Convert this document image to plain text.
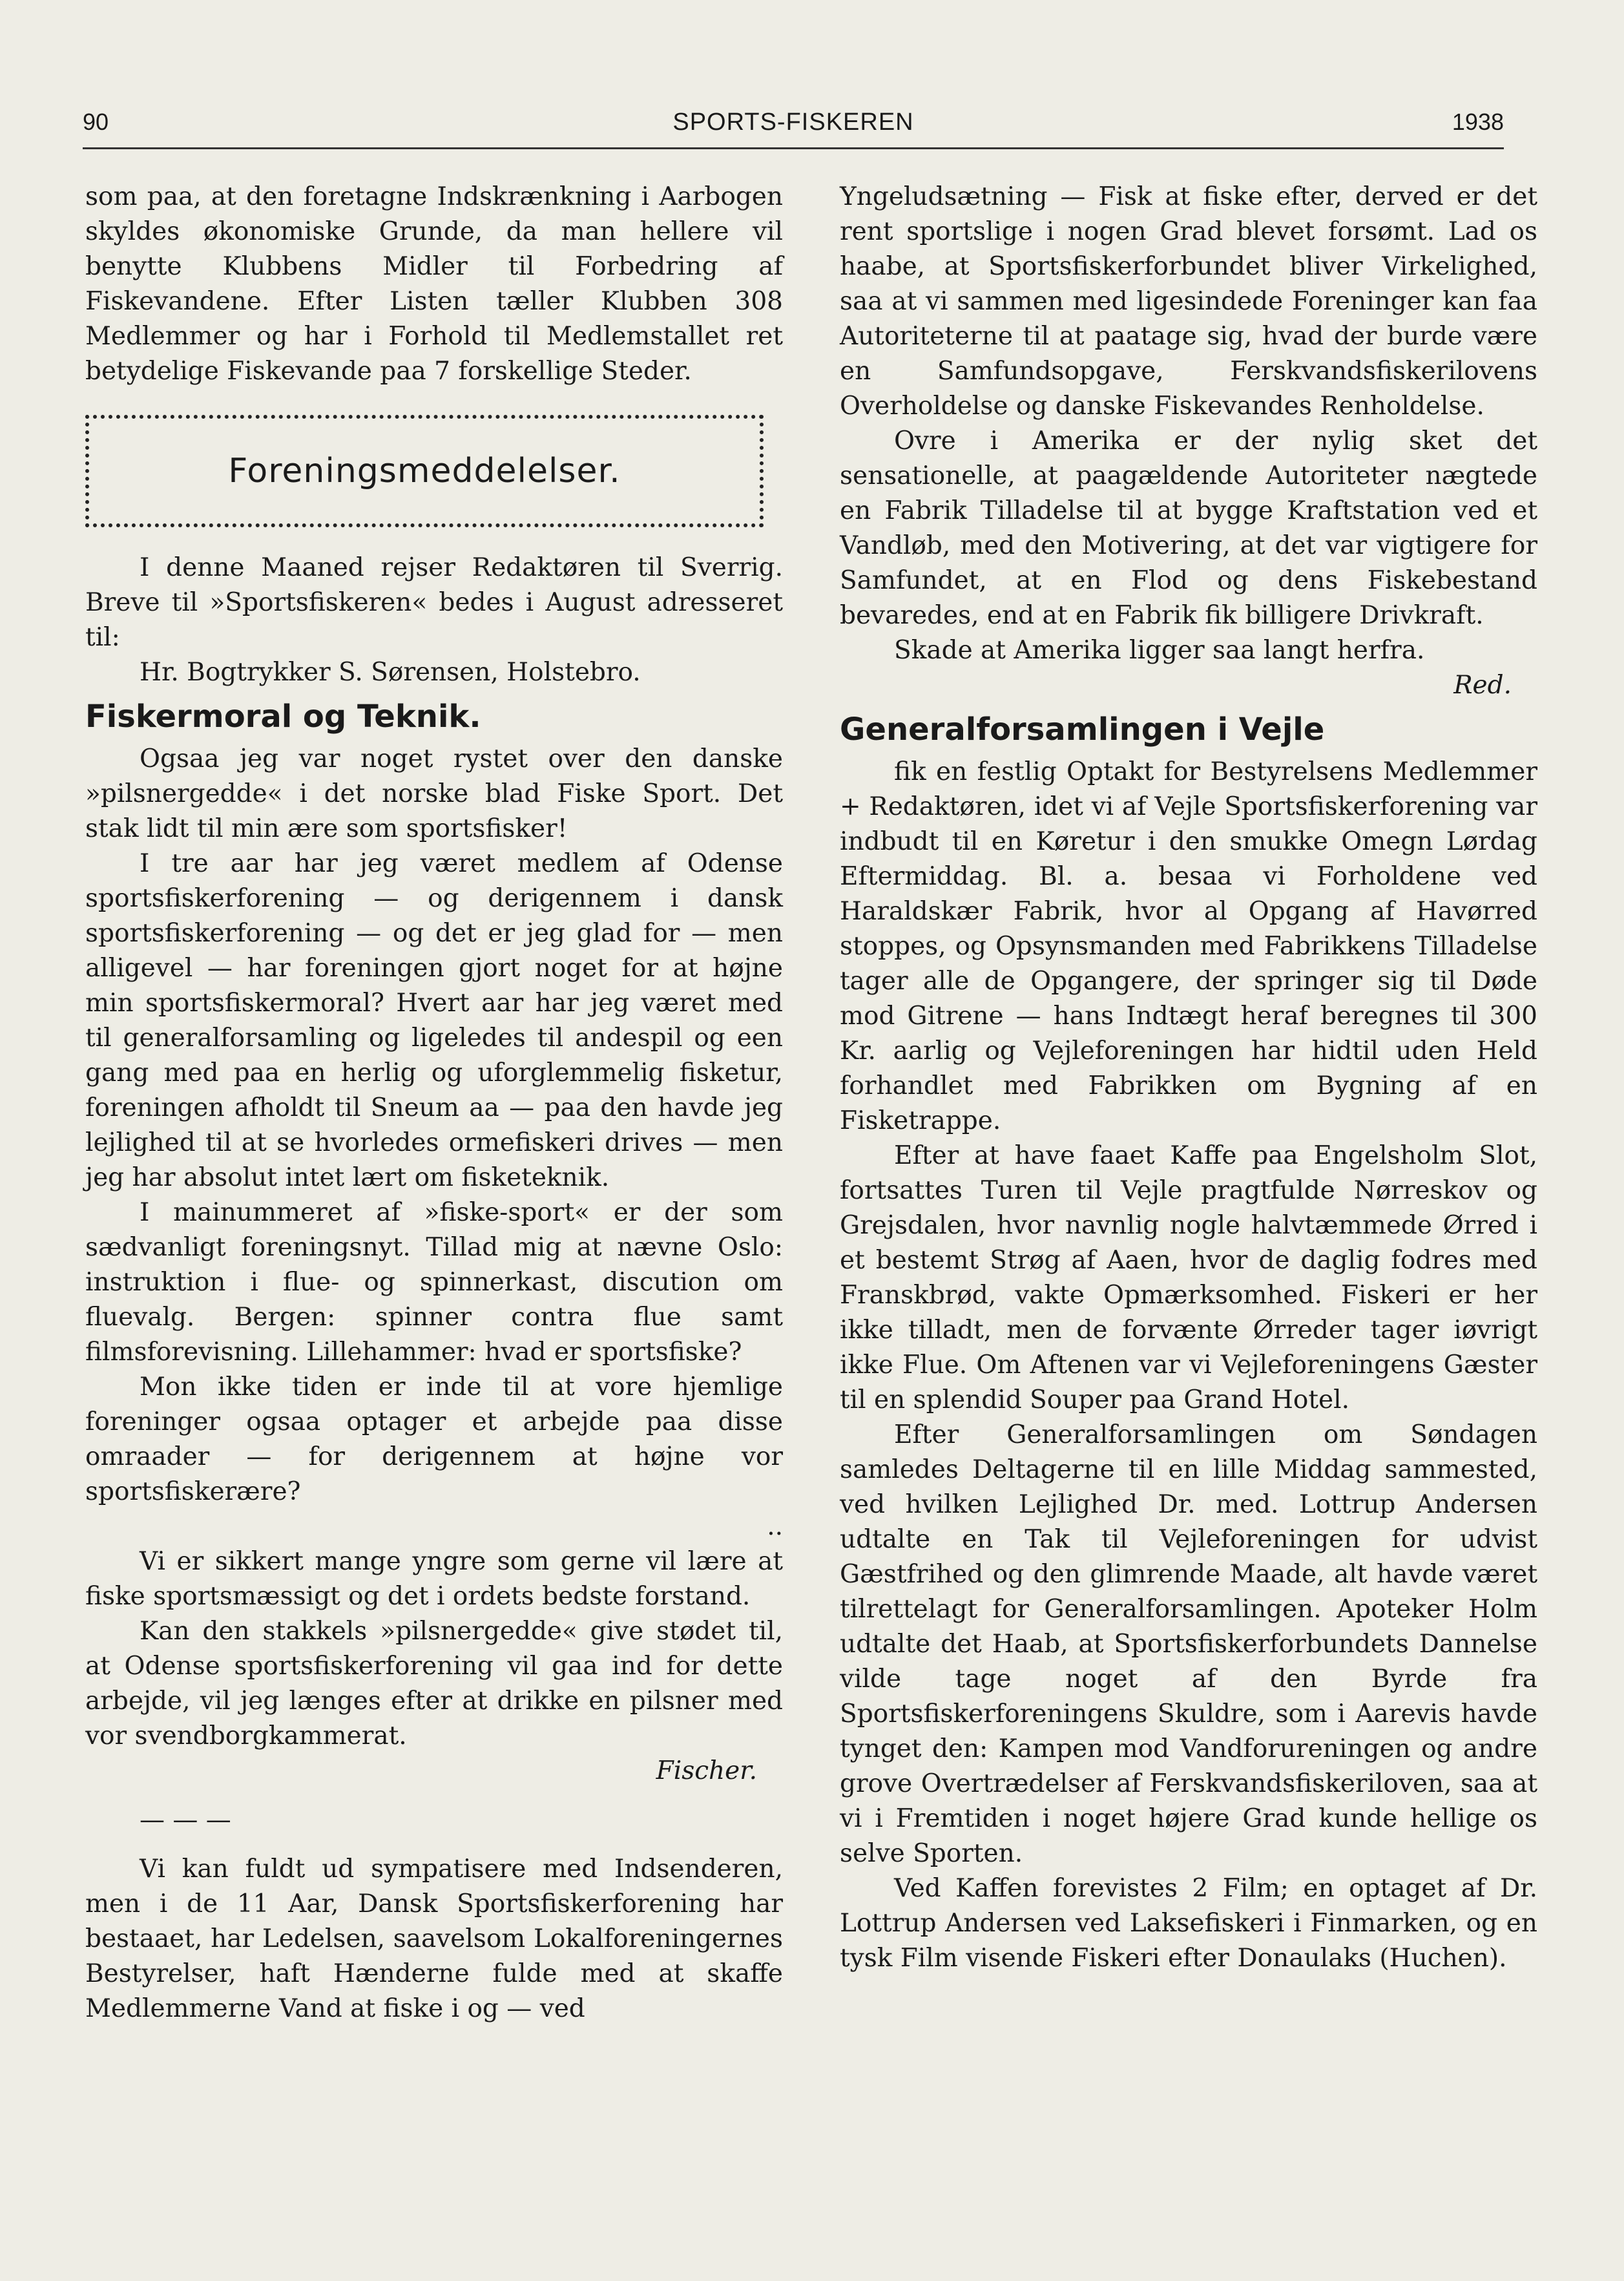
90	SPORTS-FISKEREN	1938

som paa, at den foretagne Indskrænkning i Aarbogen skyldes økonomiske Grunde, da man hellere vil benytte Klubbens Midler til Forbedring af Fiskevandene. Efter Listen tæller Klubben 308 Medlemmer og har i Forhold til Medlemstallet ret betydelige Fiskevande paa 7 forskellige Steder.

Foreningsmeddelelser.

I denne Maaned rejser Redaktøren til Sverrig. Breve til »Sportsfiskeren« bedes i August adresseret til:

Hr. Bogtrykker S. Sørensen, Holstebro.

Fiskermoral og Teknik.

Ogsaa jeg var noget rystet over den danske »pilsnergedde« i det norske blad Fiske Sport. Det stak lidt til min ære som sportsfisker!

I tre aar har jeg været medlem af Odense sportsfiskerforening — og derigennem i dansk sportsfiskerforening — og det er jeg glad for — men alligevel — har foreningen gjort noget for at højne min sportsfiskermoral? Hvert aar har jeg været med til generalforsamling og ligeledes til andespil og een gang med paa en herlig og uforglemmelig fisketur, foreningen afholdt til Sneum aa — paa den havde jeg lejlighed til at se hvorledes ormefiskeri drives — men jeg har absolut intet lært om fisketeknik.

I mainummeret af »fiske-sport« er der som sædvanligt foreningsnyt. Tillad mig at nævne Oslo: instruktion i flue- og spinnerkast, discution om fluevalg. Bergen: spinner contra flue samt filmsforevisning. Lillehammer: hvad er sportsfiske?

Mon ikke tiden er inde til at vore hjemlige foreninger ogsaa optager et arbejde paa disse omraader — for derigennem at højne vor sportsfiskerære?

..

Vi er sikkert mange yngre som gerne vil lære at fiske sportsmæssigt og det i ordets bedste forstand.

Kan den stakkels »pilsnergedde« give stødet til, at Odense sportsfiskerforening vil gaa ind for dette arbejde, vil jeg længes efter at drikke en pilsner med vor svendborgkammerat.

Fischer.
— — —

Vi kan fuldt ud sympatisere med Indsenderen, men i de 11 Aar, Dansk Sportsfiskerforening har bestaaet, har Ledelsen, saavelsom Lokalforeningernes Bestyrelser, haft Hænderne fulde med at skaffe Medlemmerne Vand at fiske i og — ved

Yngeludsætning — Fisk at fiske efter, derved er det rent sportslige i nogen Grad blevet forsømt. Lad os haabe, at Sportsfiskerforbundet bliver Virkelighed, saa at vi sammen med ligesindede Foreninger kan faa Autoriteterne til at paatage sig, hvad der burde være en Samfundsopgave, Ferskvandsfiskerilovens Overholdelse og danske Fiskevandes Renholdelse.

Ovre i Amerika er der nylig sket det sensationelle, at paagældende Autoriteter nægtede en Fabrik Tilladelse til at bygge Kraftstation ved et Vandløb, med den Motivering, at det var vigtigere for Samfundet, at en Flod og dens Fiskebestand bevaredes, end at en Fabrik fik billigere Drivkraft.

Skade at Amerika ligger saa langt herfra.

Red.
Generalforsamlingen i Vejle

fik en festlig Optakt for Bestyrelsens Medlemmer + Redaktøren, idet vi af Vejle Sportsfiskerforening var indbudt til en Køretur i den smukke Omegn Lørdag Eftermiddag. Bl. a. besaa vi Forholdene ved Haraldskær Fabrik, hvor al Opgang af Havørred stoppes, og Opsynsmanden med Fabrikkens Tilladelse tager alle de Opgangere, der springer sig til Døde mod Gitrene — hans Indtægt heraf beregnes til 300 Kr. aarlig og Vejleforeningen har hidtil uden Held forhandlet med Fabrikken om Bygning af en Fisketrappe.

Efter at have faaet Kaffe paa Engelsholm Slot, fortsattes Turen til Vejle pragtfulde Nørreskov og Grejsdalen, hvor navnlig nogle halvtæmmede Ørred i et bestemt Strøg af Aaen, hvor de daglig fodres med Franskbrød, vakte Opmærksomhed. Fiskeri er her ikke tilladt, men de forvænte Ørreder tager iøvrigt ikke Flue. Om Aftenen var vi Vejleforeningens Gæster til en splendid Souper paa Grand Hotel.

Efter Generalforsamlingen om Søndagen samledes Deltagerne til en lille Middag sammested, ved hvilken Lejlighed Dr. med. Lottrup Andersen udtalte en Tak til Vejleforeningen for udvist Gæstfrihed og den glimrende Maade, alt havde været tilrettelagt for Generalforsamlingen. Apoteker Holm udtalte det Haab, at Sportsfiskerforbundets Dannelse vilde tage noget af den Byrde fra Sportsfiskerforeningens Skuldre, som i Aarevis havde tynget den: Kampen mod Vandforureningen og andre grove Overtrædelser af Ferskvandsfiskeriloven, saa at vi i Fremtiden i noget højere Grad kunde hellige os selve Sporten.

Ved Kaffen forevistes 2 Film; en optaget af Dr. Lottrup Andersen ved Laksefiskeri i Finmarken, og en tysk Film visende Fiskeri efter Donaulaks (Huchen).
